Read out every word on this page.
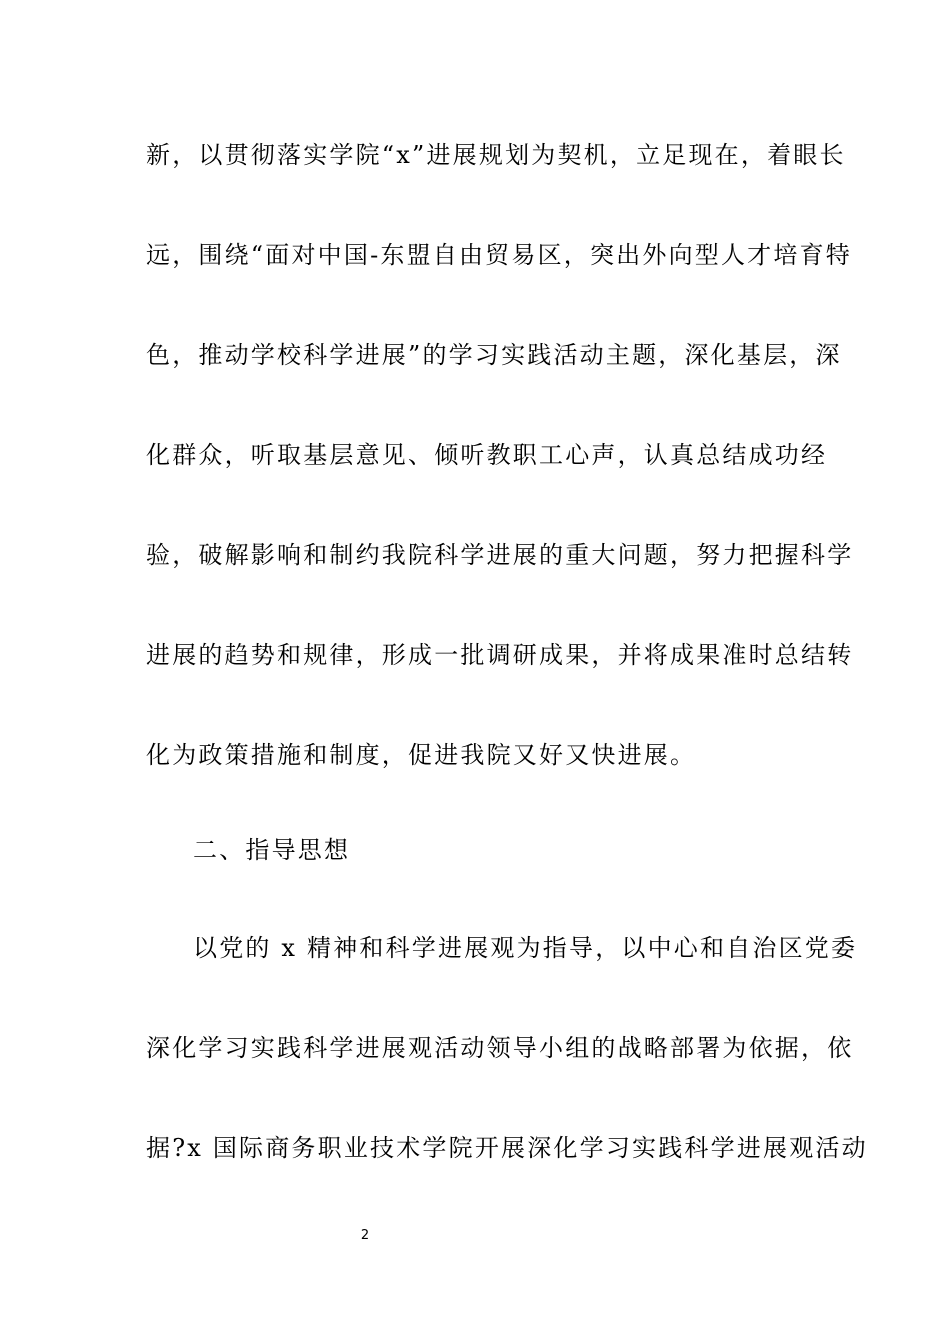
新，以贯彻落实学院“x”进展规划为契机，立足现在，着眼长
远，围绕“面对中国-东盟自由贸易区，突出外向型人才培育特
色，推动学校科学进展”的学习实践活动主题，深化基层，深
化群众，听取基层意见、倾听教职工心声，认真总结成功经
验，破解影响和制约我院科学进展的重大问题，努力把握科学
进展的趋势和规律，形成一批调研成果，并将成果准时总结转
化为政策措施和制度，促进我院又好又快进展。
二、指导思想
以党的 x 精神和科学进展观为指导，以中心和自治区党委
深化学习实践科学进展观活动领导小组的战略部署为依据，依
据?x 国际商务职业技术学院开展深化学习实践科学进展观活动
2
